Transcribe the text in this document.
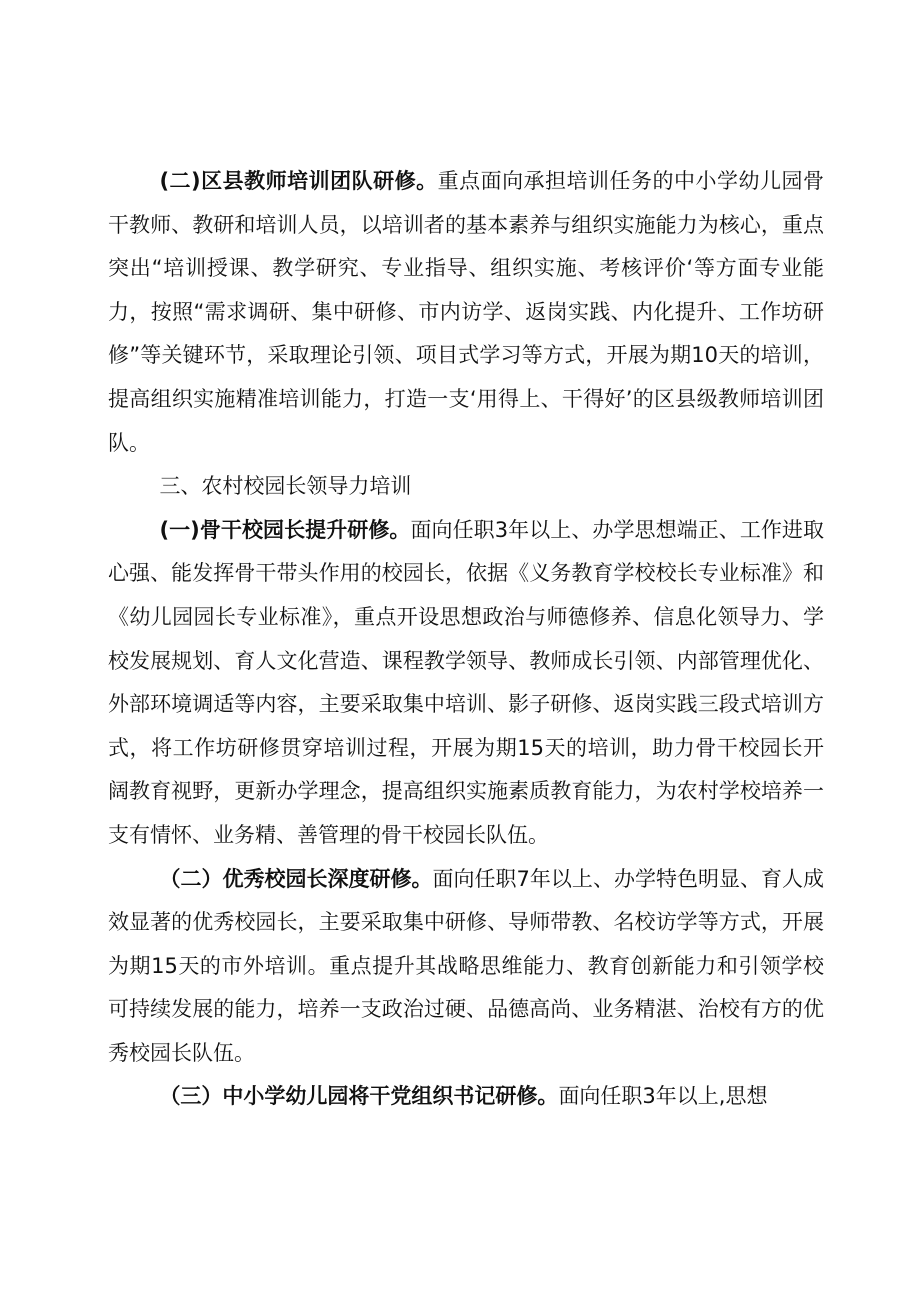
(二)区县教师培训团队研修。重点面向承担培训任务的中小学幼儿园骨干教师、教研和培训人员，以培训者的基本素养与组织实施能力为核心，重点突出“培训授课、教学研究、专业指导、组织实施、考核评价‘等方面专业能力，按照“需求调研、集中研修、市内访学、返岗实践、内化提升、工作坊研修”等关键环节，采取理论引领、项目式学习等方式，开展为期10天的培训，提高组织实施精准培训能力，打造一支‘用得上、干得好’的区县级教师培训团队。

三、农村校园长领导力培训

(一)骨干校园长提升研修。面向任职3年以上、办学思想端正、工作进取心强、能发挥骨干带头作用的校园长，依据《义务教育学校校长专业标准》和《幼儿园园长专业标准》，重点开设思想政治与师德修养、信息化领导力、学校发展规划、育人文化营造、课程教学领导、教师成长引领、内部管理优化、外部环境调适等内容，主要采取集中培训、影子研修、返岗实践三段式培训方式，将工作坊研修贯穿培训过程，开展为期15天的培训，助力骨干校园长开阔教育视野，更新办学理念，提高组织实施素质教育能力，为农村学校培养一支有情怀、业务精、善管理的骨干校园长队伍。

（二）优秀校园长深度研修。面向任职7年以上、办学特色明显、育人成效显著的优秀校园长，主要采取集中研修、导师带教、名校访学等方式，开展为期15天的市外培训。重点提升其战略思维能力、教育创新能力和引领学校可持续发展的能力，培养一支政治过硬、品德高尚、业务精湛、治校有方的优秀校园长队伍。

（三）中小学幼儿园将干党组织书记研修。面向任职3年以上,思想
